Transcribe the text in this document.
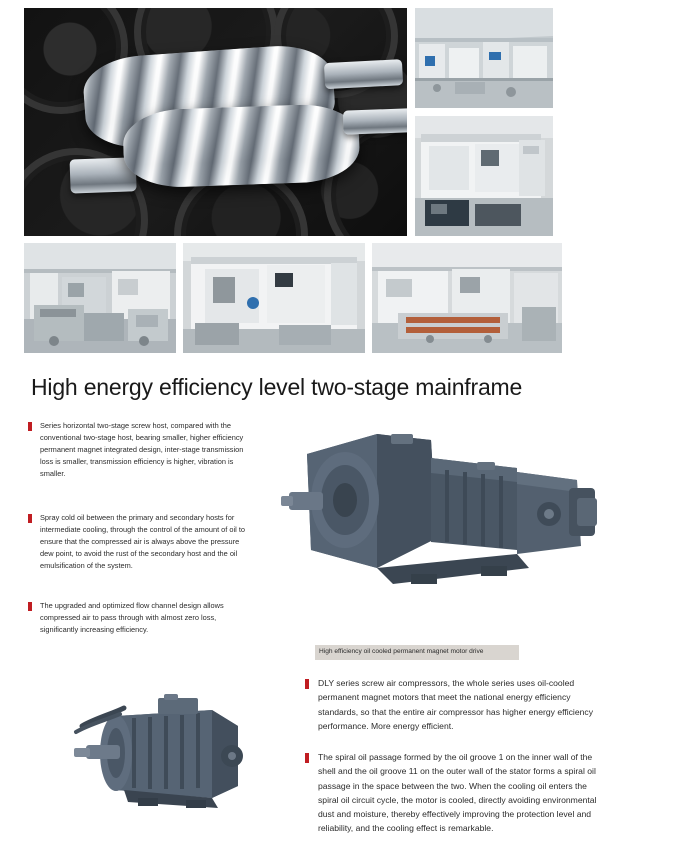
High energy efficiency level two-stage mainframe
Series horizontal two-stage screw host, compared with the conventional two-stage host, bearing smaller, higher efficiency permanent magnet integrated design, inter-stage transmission loss is smaller, transmission efficiency is higher, vibration is smaller.
Spray cold oil between the primary and secondary hosts for intermediate cooling, through the control of the amount of oil to ensure that the compressed air is always above the pressure dew point, to avoid the rust of the secondary host and the oil emulsification of the system.
The upgraded and optimized flow channel design allows compressed air to pass through with almost zero loss, significantly increasing efficiency.
High efficiency oil cooled permanent magnet motor drive
DLY series screw air compressors, the whole series uses oil-cooled permanent magnet motors that meet the national energy efficiency standards, so that the entire air compressor has higher energy efficiency performance. More energy efficient.
The spiral oil passage formed by the oil groove 1 on the inner wall of the shell and the oil groove 11 on the outer wall of the stator forms a spiral oil passage in the space between the two. When the cooling oil enters the spiral oil circuit cycle, the motor is cooled, directly avoiding environmental dust and moisture, thereby effectively improving the protection level and reliability, and the cooling effect is remarkable.
